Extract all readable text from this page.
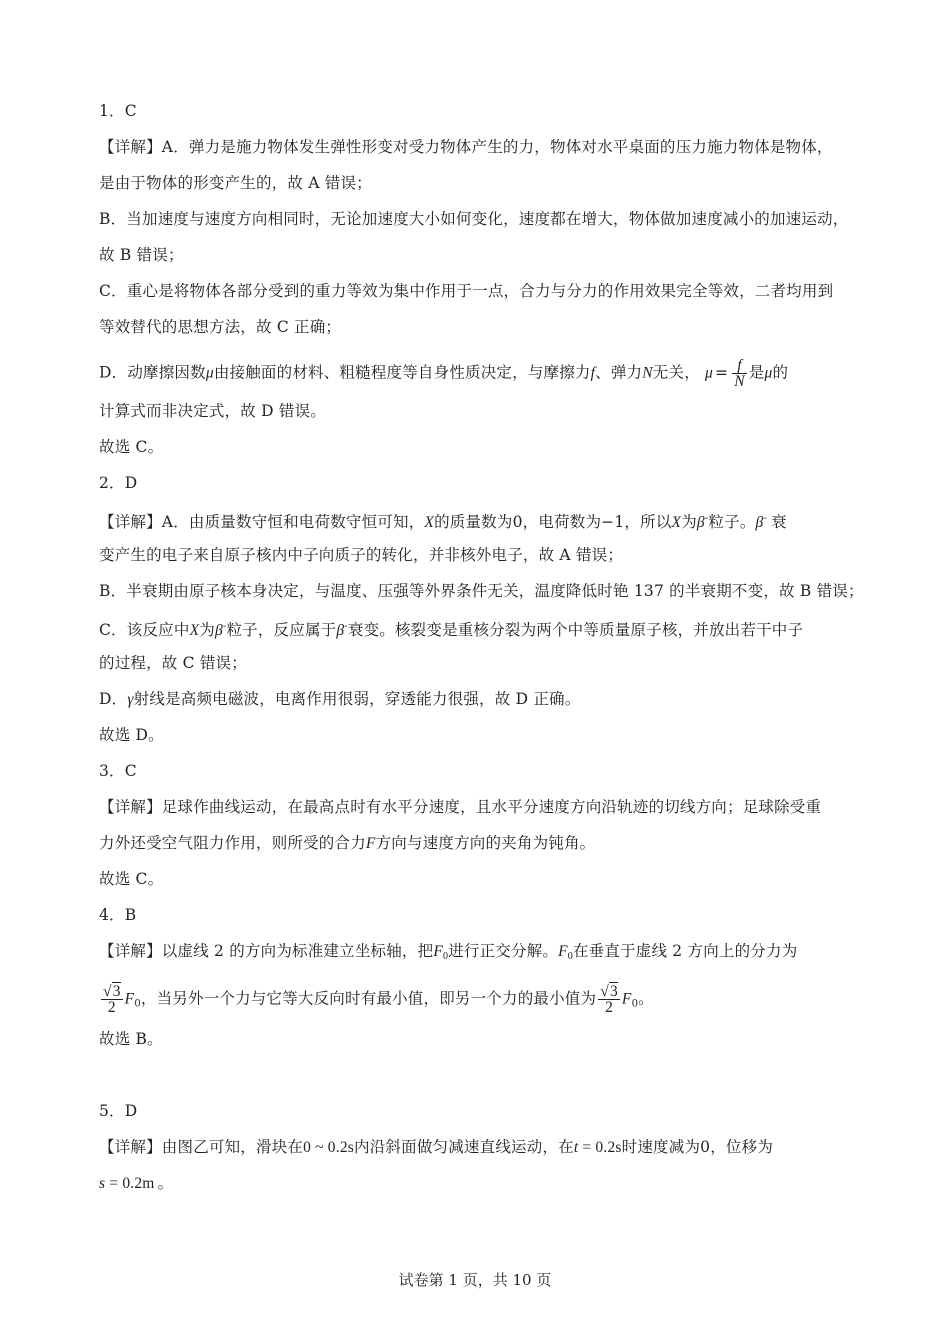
1．C
【详解】A．弹力是施力物体发生弹性形变对受力物体产生的力，物体对水平桌面的压力施力物体是物体，
是由于物体的形变产生的，故 A 错误；
B．当加速度与速度方向相同时，无论加速度大小如何变化，速度都在增大，物体做加速度减小的加速运动，
故 B 错误；
C．重心是将物体各部分受到的重力等效为集中作用于一点，合力与分力的作用效果完全等效，二者均用到
等效替代的思想方法，故 C 正确；
D．动摩擦因数μ由接触面的材料、粗糙程度等自身性质决定，与摩擦力f、弹力N无关， $\mu = \frac{f}{N}$ 是μ的
计算式而非决定式，故 D 错误。
故选 C。
2．D
【详解】A．由质量数守恒和电荷数守恒可知，X的质量数为0，电荷数为−1，所以X为β-粒子。β- 衰
变产生的电子来自原子核内中子向质子的转化，并非核外电子，故 A 错误；
B．半衰期由原子核本身决定，与温度、压强等外界条件无关，温度降低时铯 137 的半衰期不变，故 B 错误；
C．该反应中X为β-粒子，反应属于β-衰变。核裂变是重核分裂为两个中等质量原子核，并放出若干中子
的过程，故 C 错误；
D．γ射线是高频电磁波，电离作用很弱，穿透能力很强，故 D 正确。
故选 D。
3．C
【详解】足球作曲线运动，在最高点时有水平分速度，且水平分速度方向沿轨迹的切线方向；足球除受重
力外还受空气阻力作用，则所受的合力F方向与速度方向的夹角为钝角。
故选 C。
4．B
【详解】以虚线 2 的方向为标准建立坐标轴，把$F_0$进行正交分解。$F_0$在垂直于虚线 2 方向上的分力为
$\frac{√3}{2} F_0$，当另外一个力与它等大反向时有最小值，即另一个力的最小值为 $\frac{√3}{2} F_0$。
故选 B。
5．D
【详解】由图乙可知，滑块在0 ~ 0.2s内沿斜面做匀减速直线运动，在t = 0.2s时速度减为0，位移为
s = 0.2m 。
试卷第 1 页，共 10 页
